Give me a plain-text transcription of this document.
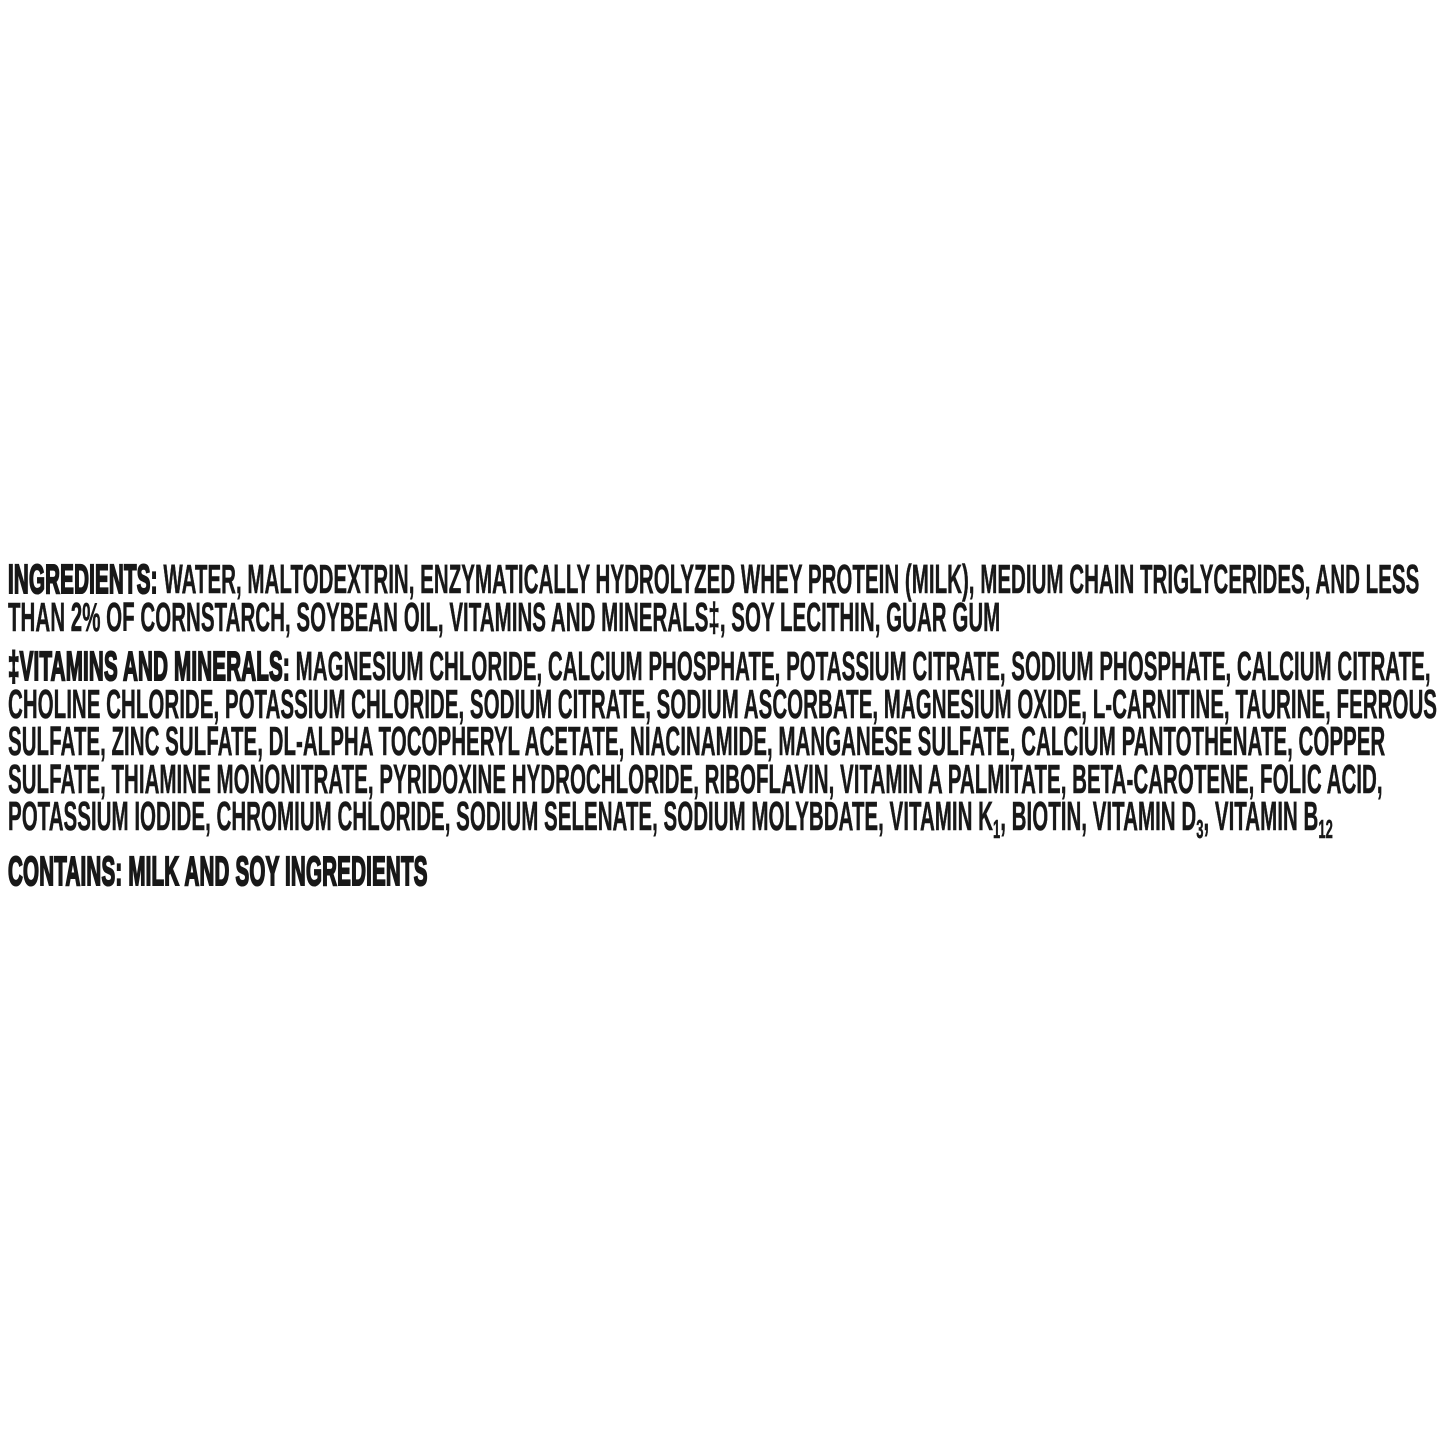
INGREDIENTS: WATER, MALTODEXTRIN, ENZYMATICALLY HYDROLYZED WHEY PROTEIN (MILK), MEDIUM CHAIN TRIGLYCERIDES, AND LESS
THAN 2% OF CORNSTARCH, SOYBEAN OIL, VITAMINS AND MINERALS‡, SOY LECITHIN, GUAR GUM
‡VITAMINS AND MINERALS: MAGNESIUM CHLORIDE, CALCIUM PHOSPHATE, POTASSIUM CITRATE, SODIUM PHOSPHATE, CALCIUM CITRATE,
CHOLINE CHLORIDE, POTASSIUM CHLORIDE, SODIUM CITRATE, SODIUM ASCORBATE, MAGNESIUM OXIDE, L-CARNITINE, TAURINE, FERROUS
SULFATE, ZINC SULFATE, DL-ALPHA TOCOPHERYL ACETATE, NIACINAMIDE, MANGANESE SULFATE, CALCIUM PANTOTHENATE, COPPER
SULFATE, THIAMINE MONONITRATE, PYRIDOXINE HYDROCHLORIDE, RIBOFLAVIN, VITAMIN A PALMITATE, BETA-CAROTENE, FOLIC ACID,
POTASSIUM IODIDE, CHROMIUM CHLORIDE, SODIUM SELENATE, SODIUM MOLYBDATE, VITAMIN K1, BIOTIN, VITAMIN D3, VITAMIN B12
CONTAINS: MILK AND SOY INGREDIENTS
